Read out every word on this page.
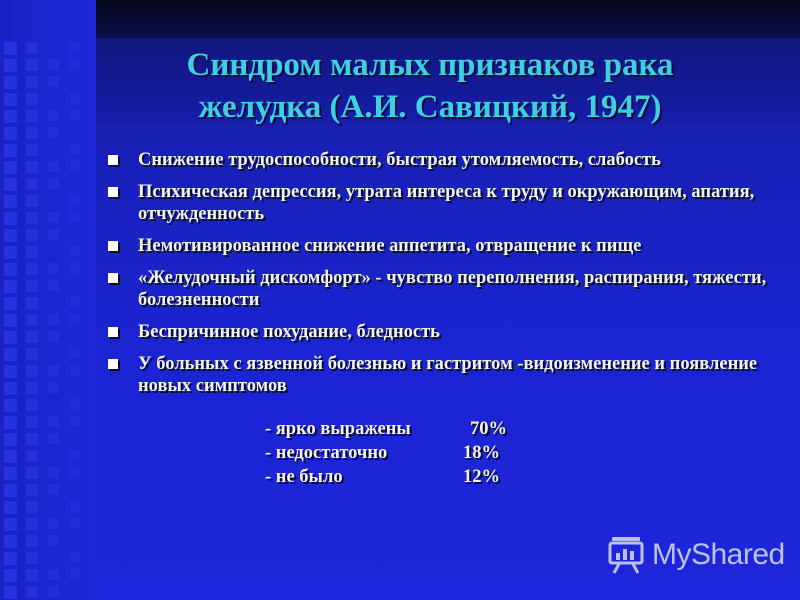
Синдром малых признаков рака
желудка (А.И. Савицкий, 1947)
Снижение трудоспособности, быстрая утомляемость, слабость
Психическая депрессия, утрата интереса к труду и окружающим, апатия, отчужденность
Немотивированное снижение аппетита, отвращение к пище
«Желудочный дискомфорт» - чувство переполнения, распирания, тяжести, болезненности
Беспричинное похудание, бледность
У больных с язвенной болезнью и гастритом -видоизменение и появление новых симптомов
- ярко выражены	70%
- недостаточно	18%
- не было	12%
MyShared
